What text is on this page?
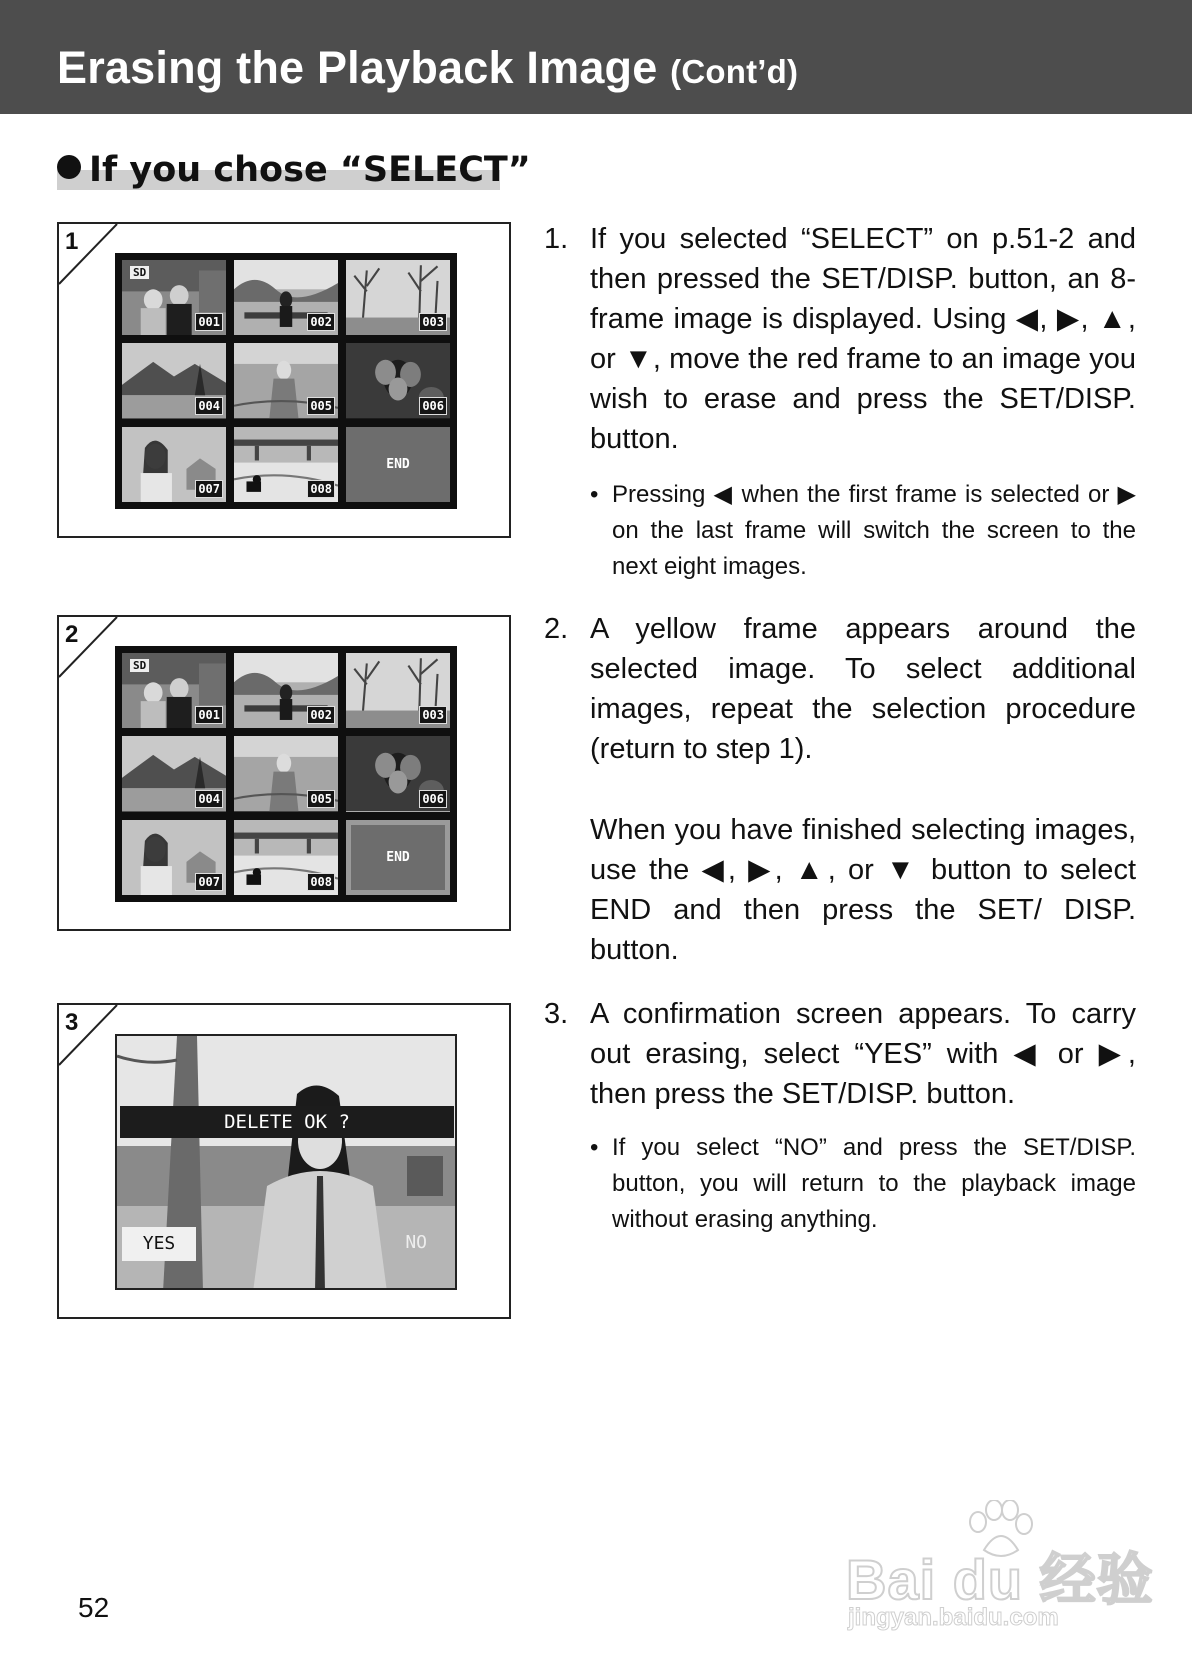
Erasing the Playback Image (Cont’d)
If you chose “SELECT”
1
SD
001	002	003
004	005	006
007	008
END
2
SD
001	002	003
004	005	006
007	008
END
3
DELETE OK ?
YES	NO
1. If you selected “SELECT” on p.51-2 and then pressed the SET/DISP. button, an 8-frame image is displayed. Using ◀, ▶, ▲, or ▼, move the red frame to an image you wish to erase and press the SET/DISP. button.

• Pressing ◀ when the first frame is selected or ▶ on the last frame will switch the screen to the next eight images.
2. A yellow frame appears around the selected image. To select additional images, repeat the selection procedure (return to step 1).

When you have finished selecting images, use the ◀, ▶, ▲, or ▼ button to select END and then press the SET/ DISP. button.

3. A confirmation screen appears. To carry out erasing, select “YES” with ◀ or ▶, then press the SET/DISP. button.

• If you select “NO” and press the SET/DISP. button, you will return to the playback image without erasing anything.
52	Bai du 经验
jingyan.baidu.com
